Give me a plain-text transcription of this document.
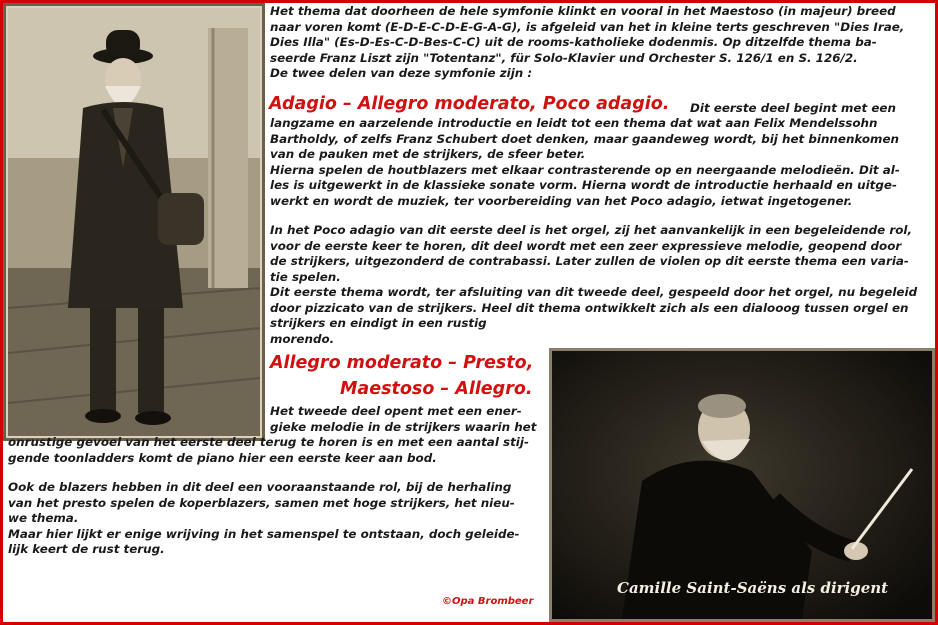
Het thema dat doorheen de hele symfonie klinkt en vooral in het Maestoso (in majeur) breed
naar voren komt (E-D-E-C-D-E-G-A-G), is afgeleid van het in kleine terts geschreven "Dies Irae,
Dies Illa" (Es-D-Es-C-D-Bes-C-C) uit de rooms-katholieke dodenmis. Op ditzelfde thema ba-
seerde Franz Liszt zijn "Totentanz", für Solo-Klavier und Orchester S. 126/1 en S. 126/2.
De twee delen van deze symfonie zijn :
Adagio – Allegro moderato, Poco adagio. Dit eerste deel begint met een
langzame en aarzelende introductie en leidt tot een thema dat wat aan Felix Mendelssohn
Bartholdy, of zelfs Franz Schubert doet denken, maar gaandeweg wordt, bij het binnenkomen
van de pauken met de strijkers, de sfeer beter.
Hierna spelen de houtblazers met elkaar contrasterende op en neergaande melodieën. Dit al-
les is uitgewerkt in de klassieke sonate vorm. Hierna wordt de introductie herhaald en uitge-
werkt en wordt de muziek, ter voorbereiding van het Poco adagio, ietwat ingetogener.
In het Poco adagio van dit eerste deel is het orgel, zij het aanvankelijk in een begeleidende rol,
voor de eerste keer te horen, dit deel wordt met een zeer expressieve melodie, geopend door
de strijkers, uitgezonderd de contrabassi. Later zullen de violen op dit eerste thema een varia-
tie spelen.
Dit eerste thema wordt, ter afsluiting van dit tweede deel, gespeeld door het orgel, nu begeleid
door pizzicato van de strijkers. Heel dit thema ontwikkelt zich als een dialooog tussen orgel en
strijkers en eindigt in een rustig
morendo.
Allegro moderato – Presto,
Maestoso – Allegro.
Het tweede deel opent met een ener-
gieke melodie in de strijkers waarin het
onrustige gevoel van het eerste deel terug te horen is en met een aantal stij-
gende toonladders komt de piano hier een eerste keer aan bod.
Ook de blazers hebben in dit deel een vooraanstaande rol, bij de herhaling
van het presto spelen de koperblazers, samen met hoge strijkers, het nieu-
we thema.
Maar hier lijkt er enige wrijving in het samenspel te ontstaan, doch geleide-
lijk keert de rust terug.
Camille Saint-Saëns als dirigent
©Opa Brombeer
